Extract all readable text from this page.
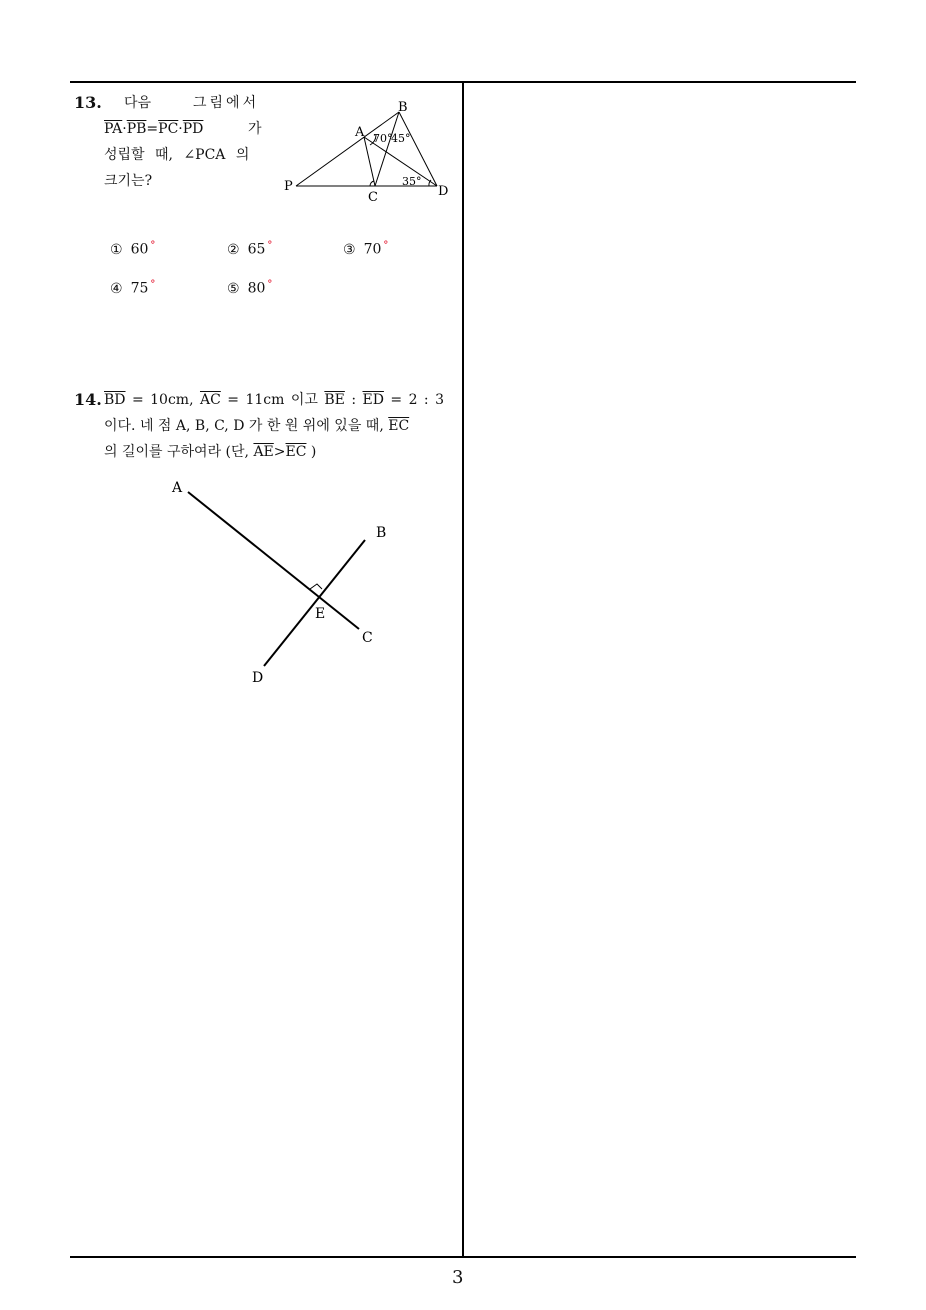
3
13. 다음	그림에서
$\overline{PA}\cdot\overline{PB}=\overline{PC}\cdot\overline{PD}$	가
성립할 때, ∠PCA 의
크기는?	P
A
B
C	D
70°
45°
35°
① 60 °	② 65 °	③ 70 °
④ 75 °	⑤ 80 °
14. $\overline{BD} = 10cm$, $\overline{AC} = 11cm$ 이고 $\overline{BE}$ : $\overline{ED} = 2$ : 3
이다. 네 점 A, B, C, D 가 한 원 위에 있을 때, $\overline{EC}$
의 길이를 구하여라 (단, $\overline{AE}>\overline{EC}$ )
A
B
C
D
E
